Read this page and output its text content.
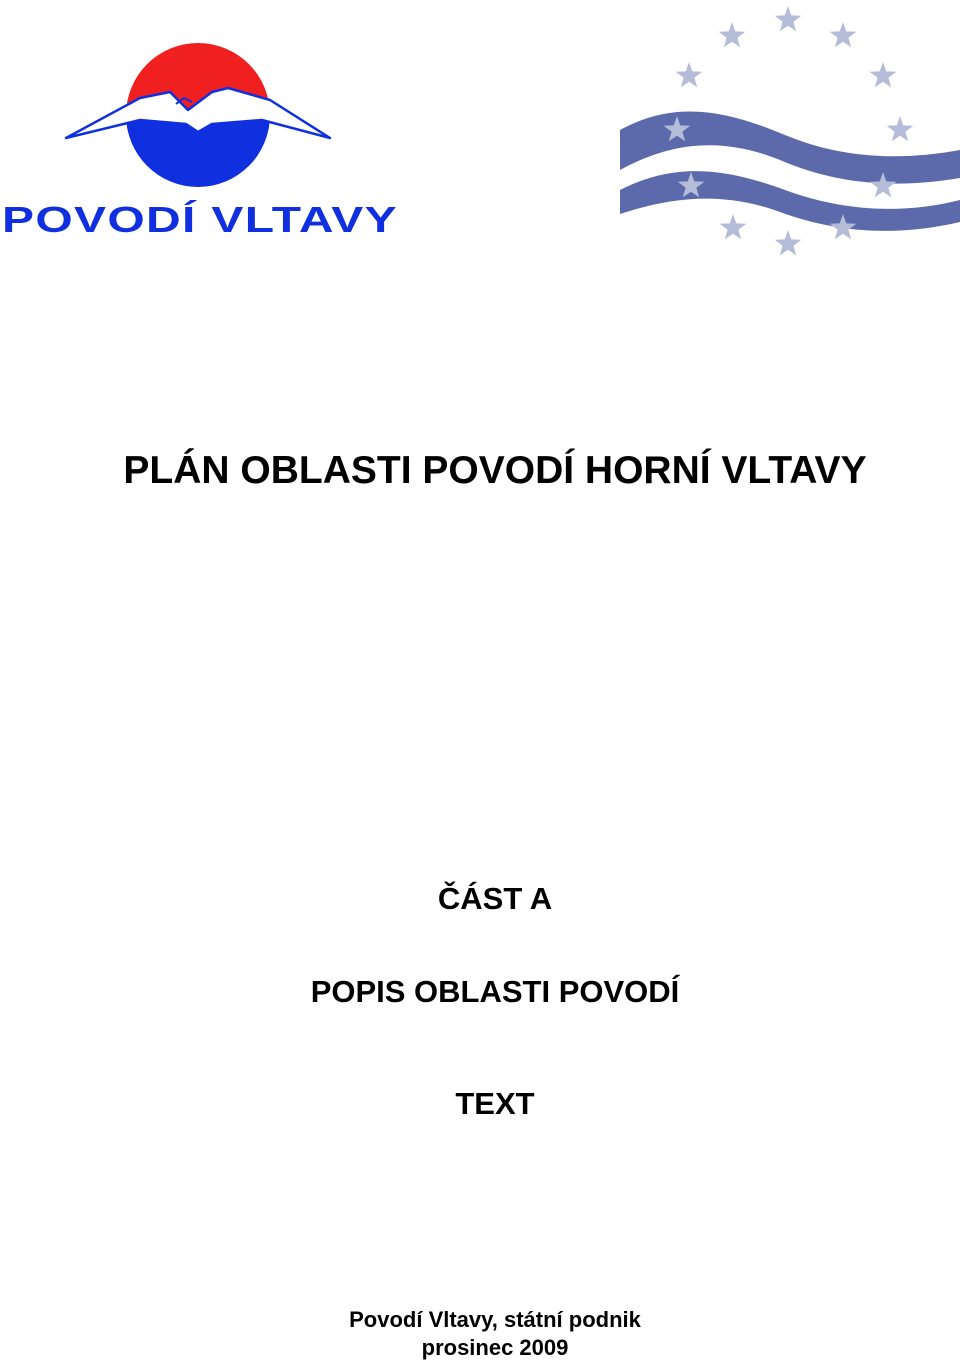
POVODÍ VLTAVY
PLÁN OBLASTI POVODÍ HORNÍ VLTAVY
ČÁST A
POPIS OBLASTI POVODÍ
TEXT
Povodí Vltavy, státní podnik
prosinec 2009
